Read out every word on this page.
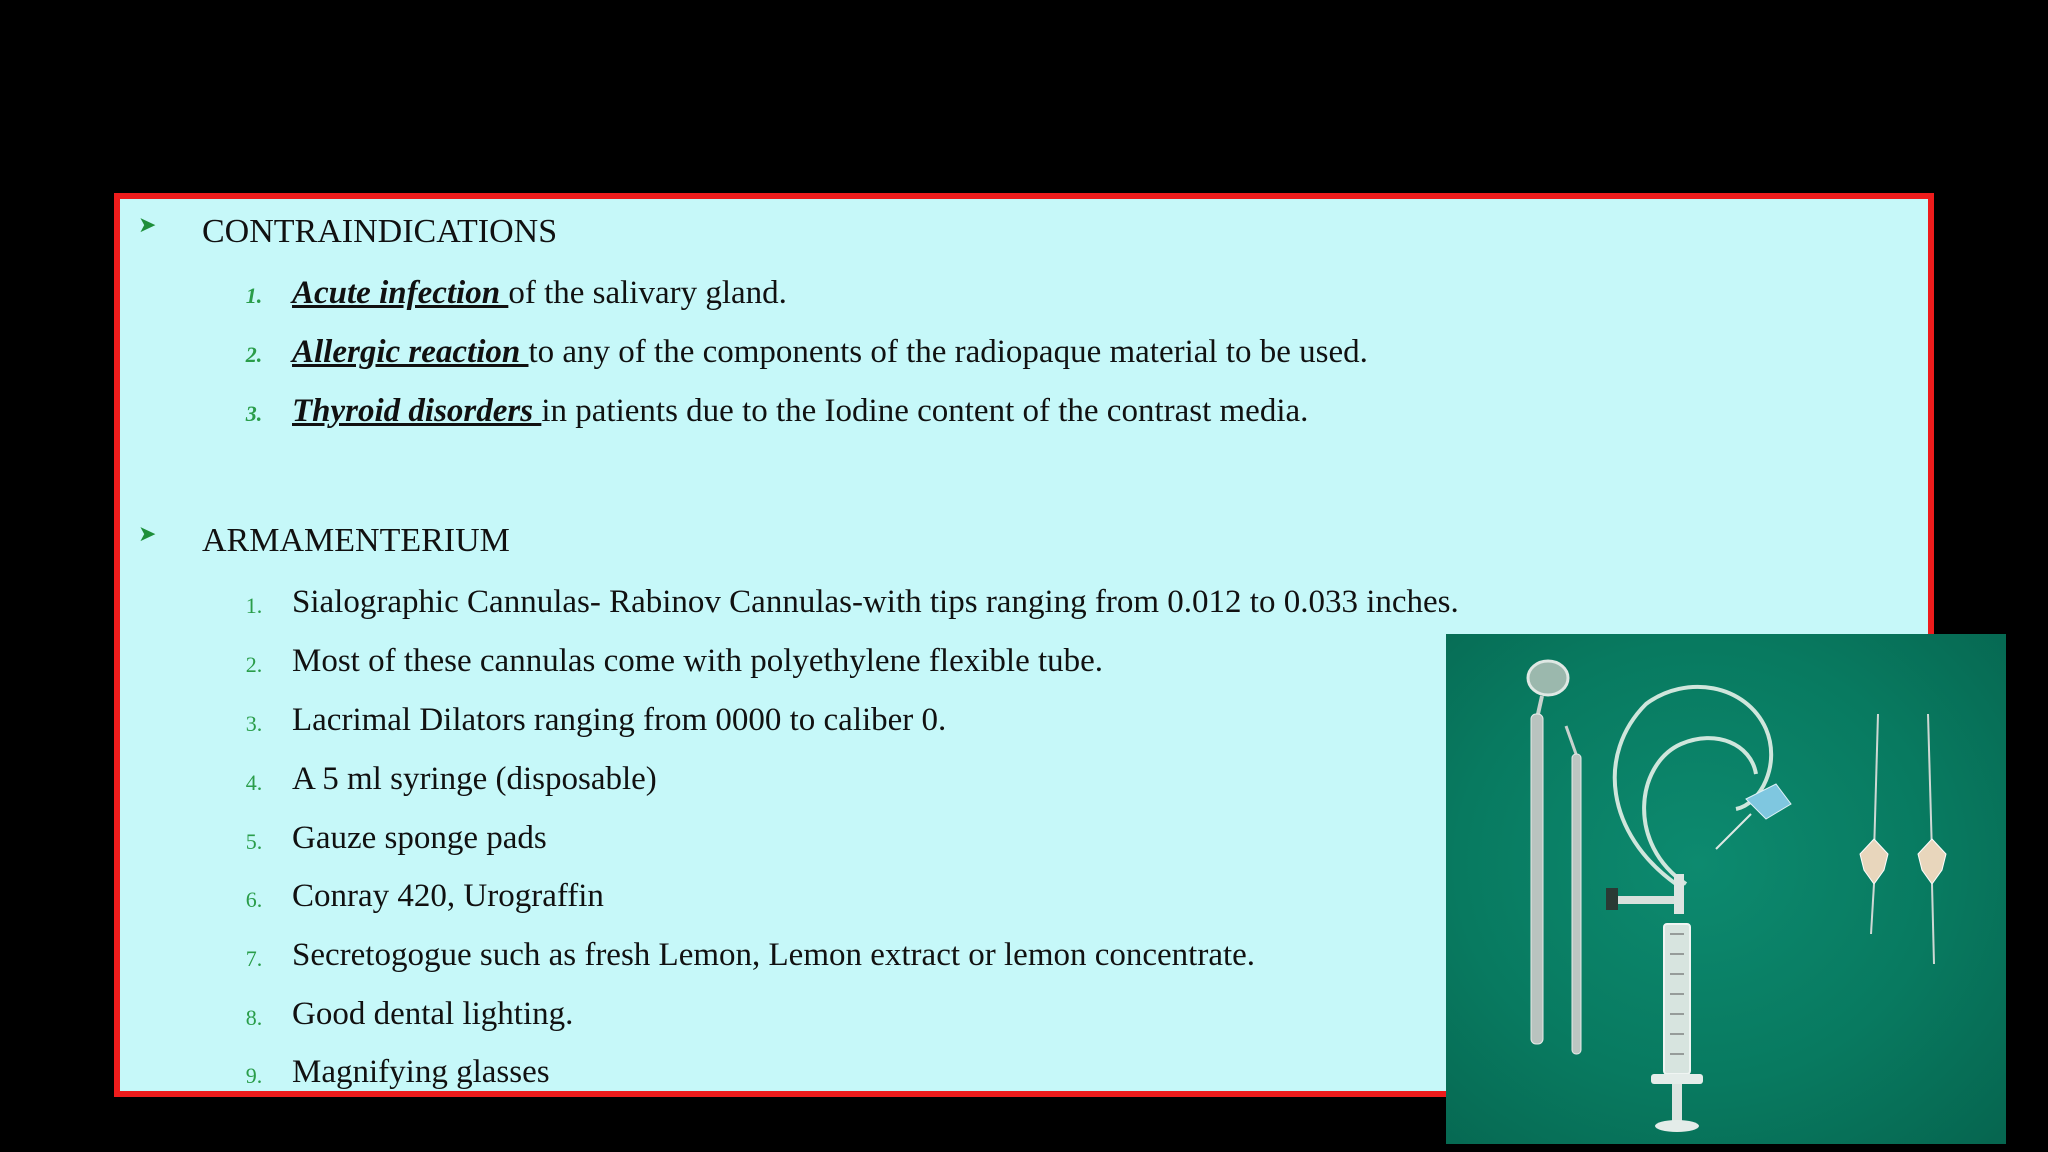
➤ CONTRAINDICATIONS
1. Acute infection of the salivary gland.
2. Allergic reaction to any of the components of the radiopaque material to be used.
3. Thyroid disorders in patients due to the Iodine content of the contrast media.
➤ ARMAMENTERIUM
1. Sialographic Cannulas- Rabinov Cannulas-with tips ranging from 0.012 to 0.033 inches.
2. Most of these cannulas come with polyethylene flexible tube.
3. Lacrimal Dilators ranging from 0000 to caliber 0.
4. A 5 ml syringe (disposable)
5. Gauze sponge pads
6. Conray 420, Urograffin
7. Secretogogue such as fresh Lemon, Lemon extract or lemon concentrate.
8. Good dental lighting.
9. Magnifying glasses
